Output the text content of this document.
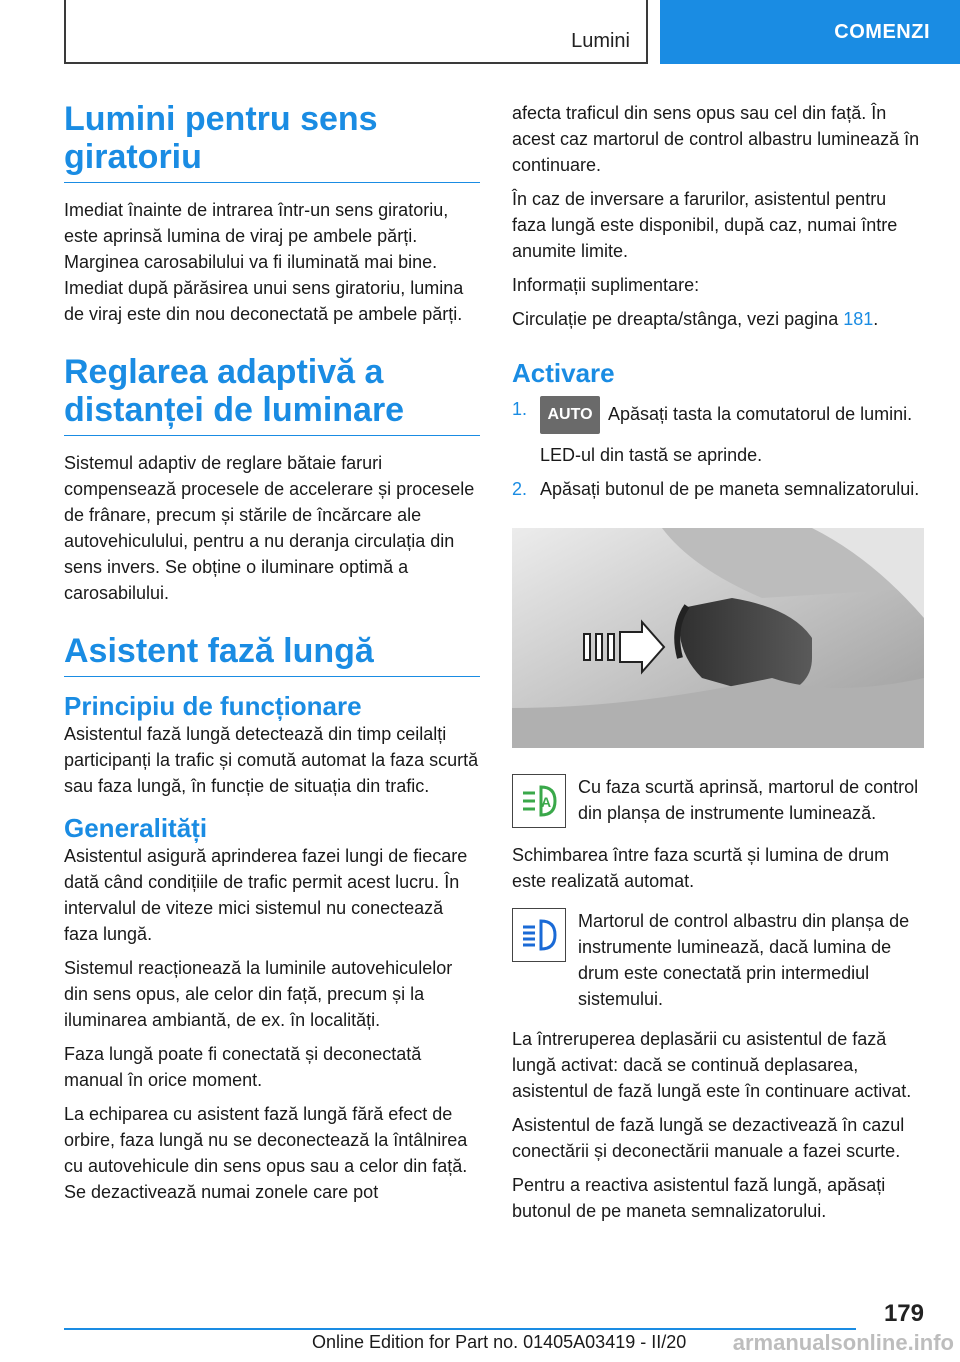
Lumini	COMENZI
Lumini pentru sens giratoriu

Imediat înainte de intrarea într-un sens giratoriu, este aprinsă lumina de viraj pe ambele părți. Marginea carosabilului va fi iluminată mai bine. Imediat după părăsirea unui sens giratoriu, lumina de viraj este din nou deconectată pe ambele părți.

Reglarea adaptivă a distanței de luminare

Sistemul adaptiv de reglare bătaie faruri compensează procesele de accelerare și procesele de frânare, precum și stările de încărcare ale autovehiculului, pentru a nu deranja circulația din sens invers. Se obține o iluminare optimă a carosabilului.

Asistent fază lungă
Principiu de funcționare

Asistentul fază lungă detectează din timp ceilalți participanți la trafic și comută automat la faza scurtă sau faza lungă, în funcție de situația din trafic.

Generalități

Asistentul asigură aprinderea fazei lungi de fiecare dată când condițiile de trafic permit acest lucru. În intervalul de viteze mici sistemul nu conectează faza lungă.

Sistemul reacționează la luminile autovehiculelor din sens opus, ale celor din față, precum și la iluminarea ambiantă, de ex. în localități.

Faza lungă poate fi conectată și deconectată manual în orice moment.

La echiparea cu asistent fază lungă fără efect de orbire, faza lungă nu se deconectează la întâlnirea cu autovehicule din sens opus sau a celor din față. Se dezactivează numai zonele care pot

afecta traficul din sens opus sau cel din față. În acest caz martorul de control albastru luminează în continuare.

În caz de inversare a farurilor, asistentul pentru faza lungă este disponibil, după caz, numai între anumite limite.

Informații suplimentare:

Circulație pe dreapta/stânga, vezi pagina 181.

Activare
1.	AUTO Apăsați tasta la comutatorul de lumini.
LED-ul din tastă se aprinde.
2. Apăsați butonul de pe maneta semnalizatorului.
A

Cu faza scurtă aprinsă, martorul de control din planșa de instrumente luminează.

Schimbarea între faza scurtă și lumina de drum este realizată automat.

Martorul de control albastru din planșa de instrumente luminează, dacă lumina de drum este conectată prin intermediul sistemului.

La întreruperea deplasării cu asistentul de fază lungă activat: dacă se continuă deplasarea, asistentul de fază lungă este în continuare activat.

Asistentul de fază lungă se dezactivează în cazul conectării și deconectării manuale a fazei scurte.

Pentru a reactiva asistentul fază lungă, apăsați butonul de pe maneta semnalizatorului.

179
Online Edition for Part no. 01405A03419 - II/20 armanualsonline.info
